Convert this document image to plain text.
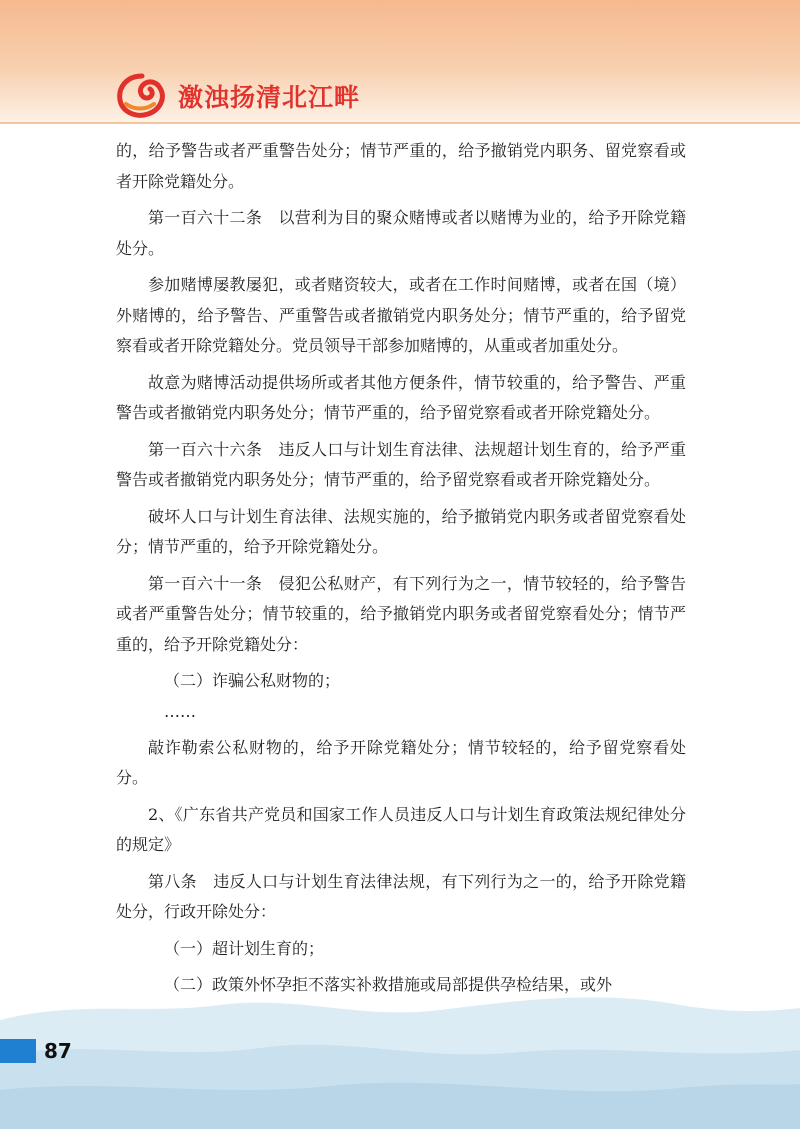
激浊扬清北江畔

的，给予警告或者严重警告处分；情节严重的，给予撤销党内职务、留党察看或者开除党籍处分。

第一百六十二条　以营利为目的聚众赌博或者以赌博为业的，给予开除党籍处分。

参加赌博屡教屡犯，或者赌资较大，或者在工作时间赌博，或者在国（境）外赌博的，给予警告、严重警告或者撤销党内职务处分；情节严重的，给予留党察看或者开除党籍处分。党员领导干部参加赌博的，从重或者加重处分。

故意为赌博活动提供场所或者其他方便条件，情节较重的，给予警告、严重警告或者撤销党内职务处分；情节严重的，给予留党察看或者开除党籍处分。

第一百六十六条　违反人口与计划生育法律、法规超计划生育的，给予严重警告或者撤销党内职务处分；情节严重的，给予留党察看或者开除党籍处分。

破坏人口与计划生育法律、法规实施的，给予撤销党内职务或者留党察看处分；情节严重的，给予开除党籍处分。

第一百六十一条　侵犯公私财产，有下列行为之一，情节较轻的，给予警告或者严重警告处分；情节较重的，给予撤销党内职务或者留党察看处分；情节严重的，给予开除党籍处分：

（二）诈骗公私财物的；

……

敲诈勒索公私财物的，给予开除党籍处分；情节较轻的，给予留党察看处分。

2、《广东省共产党员和国家工作人员违反人口与计划生育政策法规纪律处分的规定》

第八条　违反人口与计划生育法律法规，有下列行为之一的，给予开除党籍处分，行政开除处分：

（一）超计划生育的；

（二）政策外怀孕拒不落实补救措施或局部提供孕检结果，或外

87
